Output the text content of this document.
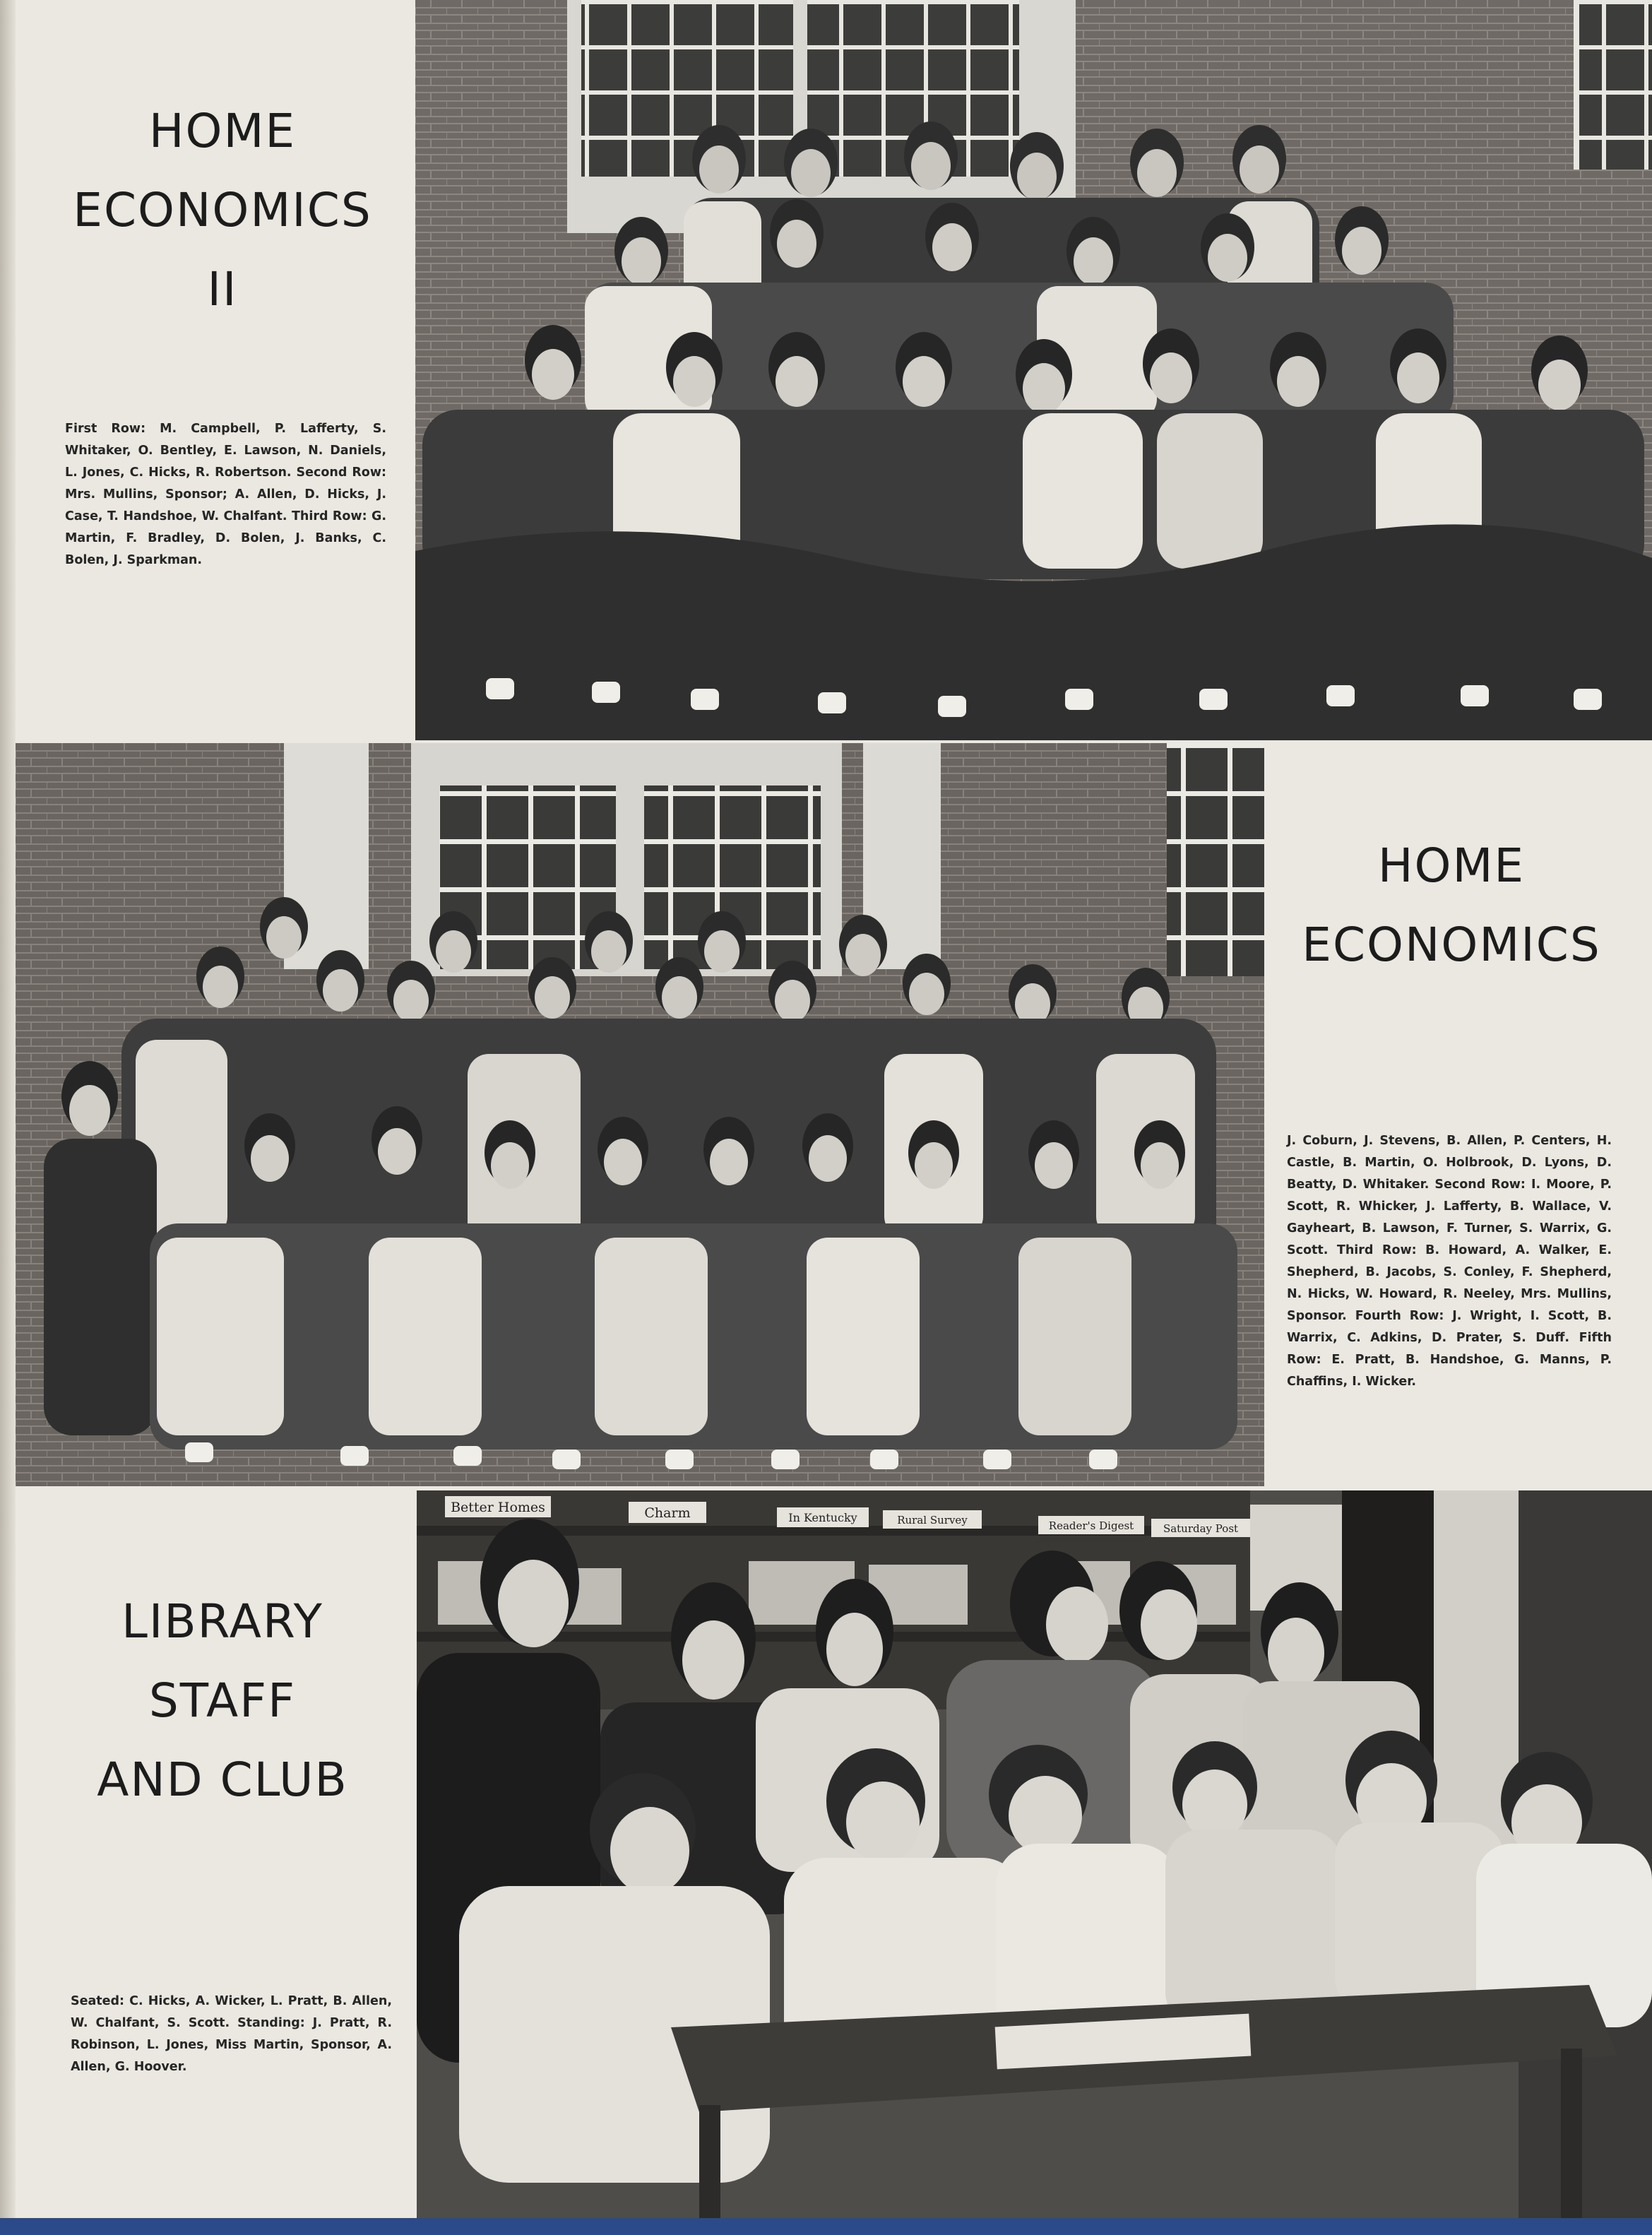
HOME
ECONOMICS
II
First Row: M. Campbell, P. Lafferty, S. Whitaker, O. Bentley, E. Lawson, N. Daniels, L. Jones, C. Hicks, R. Robertson. Second Row: Mrs. Mullins, Sponsor; A. Allen, D. Hicks, J. Case, T. Handshoe, W. Chalfant. Third Row: G. Martin, F. Bradley, D. Bolen, J. Banks, C. Bolen, J. Sparkman.
HOME
ECONOMICS
J. Coburn, J. Stevens, B. Allen, P. Centers, H. Castle, B. Martin, O. Holbrook, D. Lyons, D. Beatty, D. Whitaker. Second Row: I. Moore, P. Scott, R. Whicker, J. Lafferty, B. Wallace, V. Gayheart, B. Lawson, F. Turner, S. Warrix, G. Scott. Third Row: B. Howard, A. Walker, E. Shepherd, B. Jacobs, S. Conley, F. Shepherd, N. Hicks, W. Howard, R. Neeley, Mrs. Mullins, Sponsor. Fourth Row: J. Wright, I. Scott, B. Warrix, C. Adkins, D. Prater, S. Duff. Fifth Row: E. Pratt, B. Handshoe, G. Manns, P. Chaffins, I. Wicker.
LIBRARY
STAFF
AND CLUB
Seated: C. Hicks, A. Wicker, L. Pratt, B. Allen, W. Chalfant, S. Scott. Standing: J. Pratt, R. Robinson, L. Jones, Miss Martin, Sponsor, A. Allen, G. Hoover.
Better Homes	Charm	In Kentucky	Rural Survey	Reader's Digest	Saturday Post
